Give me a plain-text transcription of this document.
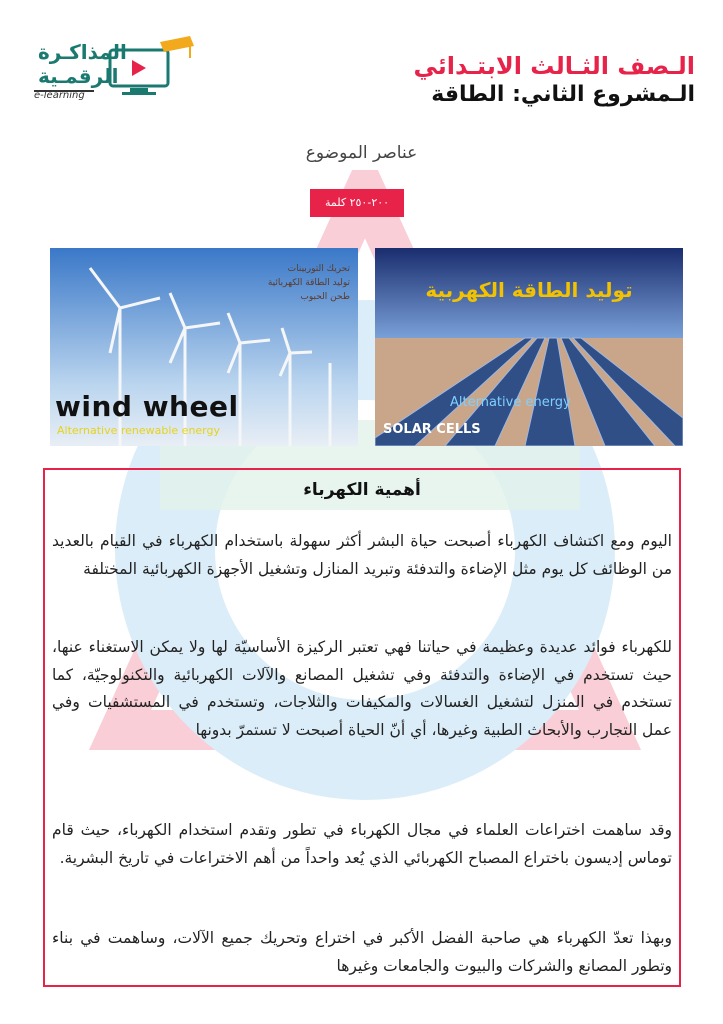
الـصف الثـالث الابتـدائي
الـمشروع الثاني: الطاقة
المذاكـرة
الرقمـية
e-learning
عناصر الموضوع
٢٠٠-٢٥٠ كلمة
تحريك التوربينات
توليد الطاقة الكهربائية
طحن الحبوب
wind wheel
Alternative renewable energy
توليد الطاقة الكهربية
Alternative energy
SOLAR CELLS
أهمية الكهرباء
اليوم ومع اكتشاف الكهرباء أصبحت حياة البشر أكثر سهولة باستخدام الكهرباء في القيام بالعديد من الوظائف كل يوم مثل الإضاءة والتدفئة وتبريد المنازل وتشغيل الأجهزة الكهربائية المختلفة
للكهرباء فوائد عديدة وعظيمة في حياتنا فهي تعتبر الركيزة الأساسيّة لها ولا يمكن الاستغناء عنها، حيث تستخدم في الإضاءة والتدفئة وفي تشغيل المصانع والآلات الكهربائية والتكنولوجيّة، كما تستخدم في المنزل لتشغيل الغسالات والمكيفات والثلاجات، وتستخدم في المستشفيات وفي عمل التجارب والأبحاث الطبية وغيرها، أي أنّ الحياة أصبحت لا تستمرّ بدونها
وقد ساهمت اختراعات العلماء في مجال الكهرباء في تطور وتقدم استخدام الكهرباء، حيث قام توماس إديسون باختراع المصباح الكهربائي الذي يُعد واحداً من أهم الاختراعات في تاريخ البشرية.
وبهذا تعدّ الكهرباء هي صاحبة الفضل الأكبر في اختراع وتحريك جميع الآلات، وساهمت في بناء وتطور المصانع والشركات والبيوت والجامعات وغيرها
